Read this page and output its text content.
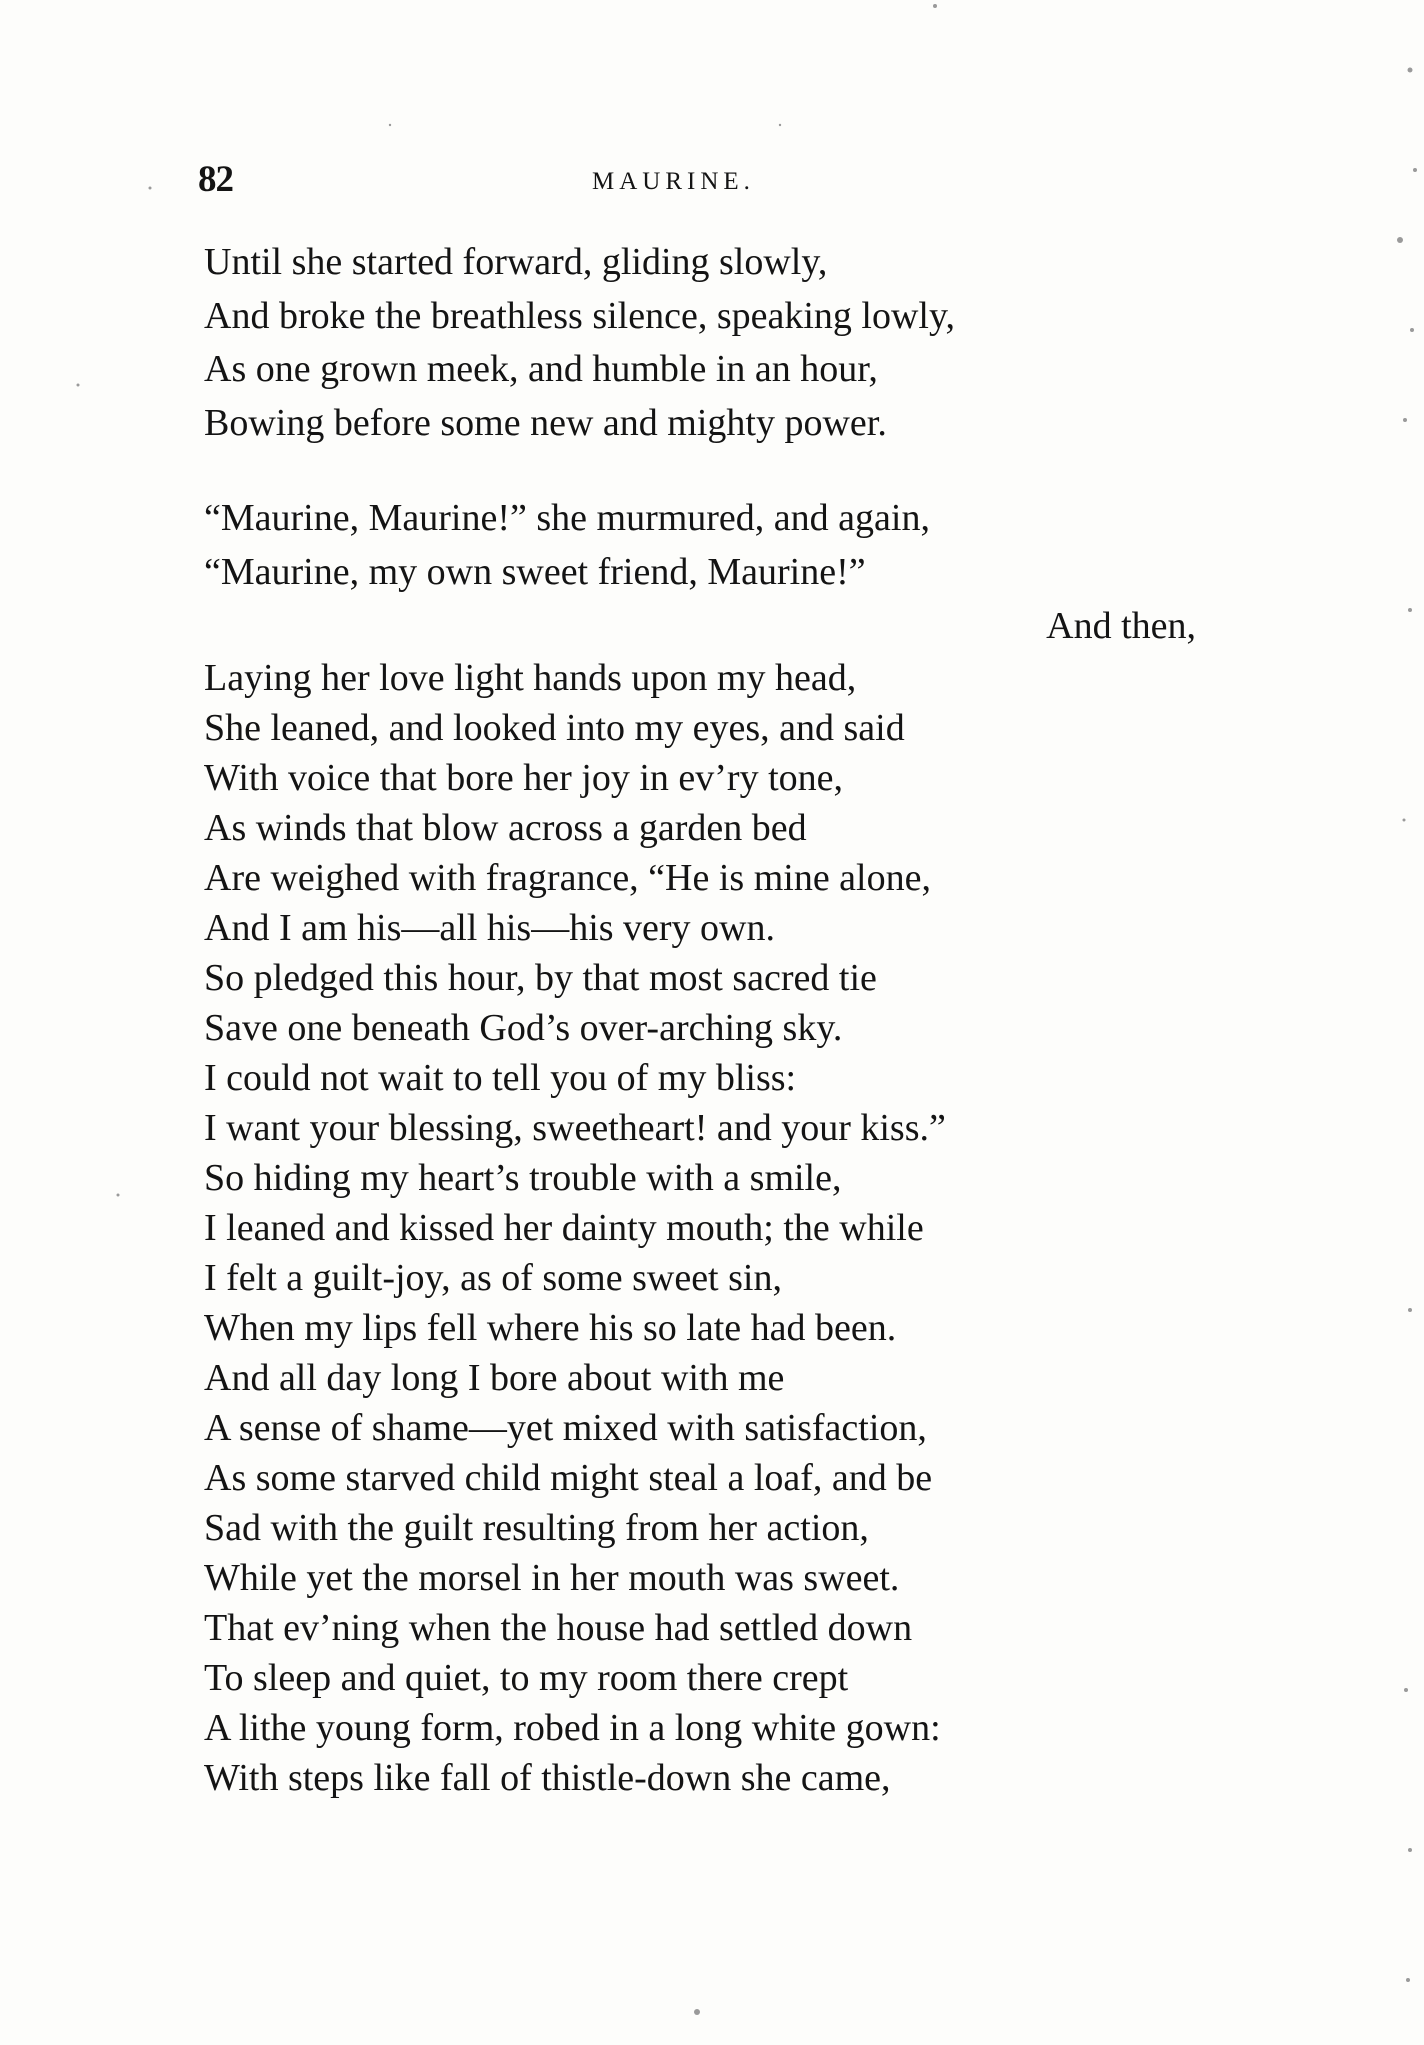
82	MAURINE.
Until she started forward, gliding slowly,
And broke the breathless silence, speaking lowly,
As one grown meek, and humble in an hour,
Bowing before some new and mighty power.
“Maurine, Maurine!” she murmured, and again,
“Maurine, my own sweet friend, Maurine!”
And then,
Laying her love light hands upon my head,
She leaned, and looked into my eyes, and said
With voice that bore her joy in ev’ry tone,
As winds that blow across a garden bed
Are weighed with fragrance, “He is mine alone,
And I am his—all his—his very own.
So pledged this hour, by that most sacred tie
Save one beneath God’s over-arching sky.
I could not wait to tell you of my bliss:
I want your blessing, sweetheart! and your kiss.”
So hiding my heart’s trouble with a smile,
I leaned and kissed her dainty mouth; the while
I felt a guilt-joy, as of some sweet sin,
When my lips fell where his so late had been.
And all day long I bore about with me
A sense of shame—yet mixed with satisfaction,
As some starved child might steal a loaf, and be
Sad with the guilt resulting from her action,
While yet the morsel in her mouth was sweet.
That ev’ning when the house had settled down
To sleep and quiet, to my room there crept
A lithe young form, robed in a long white gown:
With steps like fall of thistle-down she came,
